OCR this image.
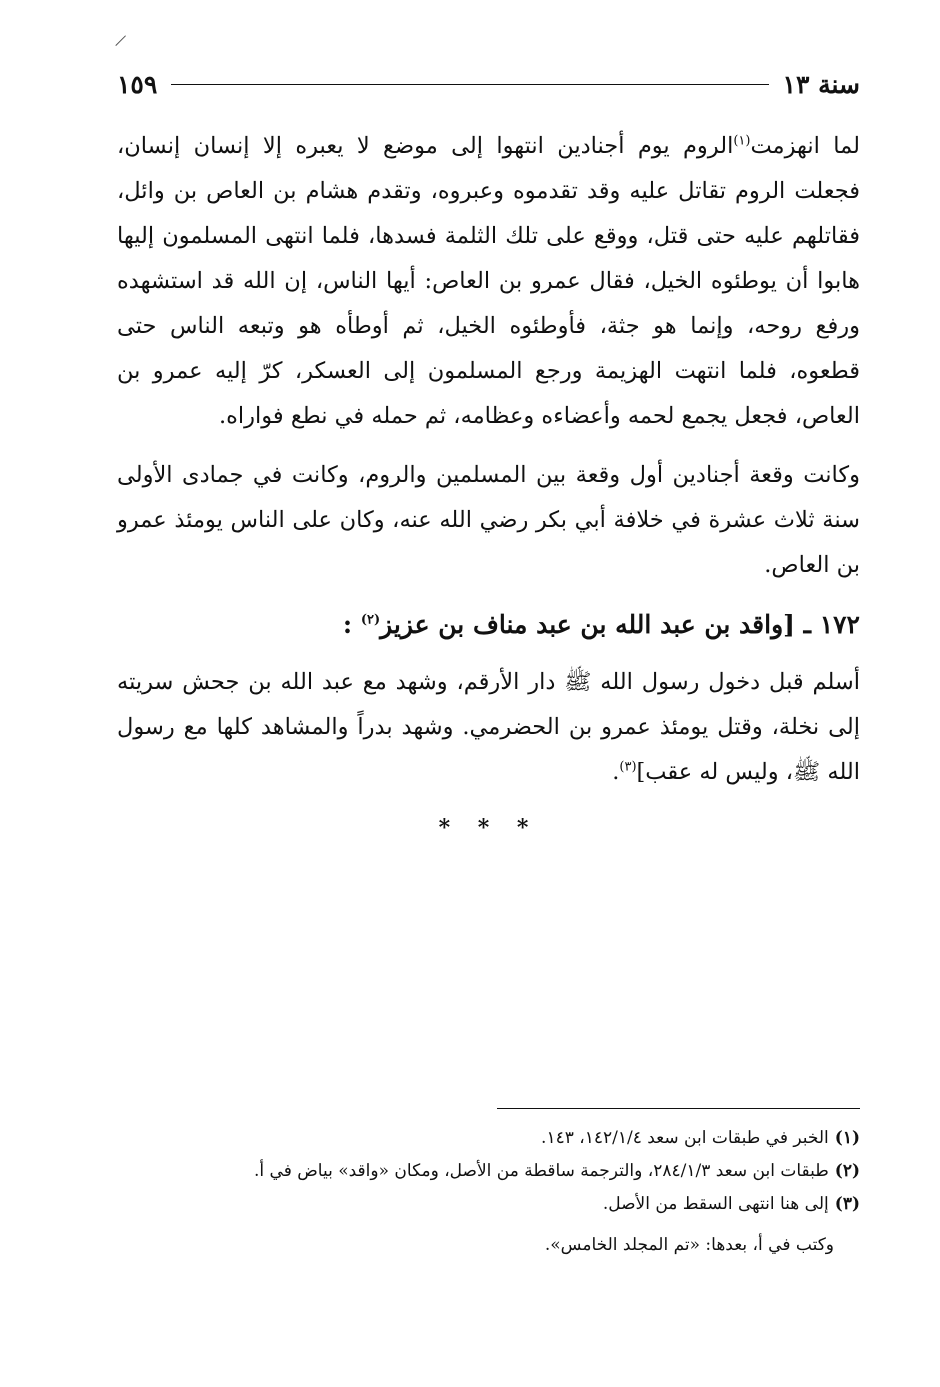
سنة ١٣
١٥٩

لما انهزمت$^{(١)}$الروم يوم أجنادين انتهوا إلى موضع لا يعبره إلا إنسان إنسان، فجعلت الروم تقاتل عليه وقد تقدموه وعبروه، وتقدم هشام بن العاص بن وائل، فقاتلهم عليه حتى قتل، ووقع على تلك الثلمة فسدها، فلما انتهى المسلمون إليها هابوا أن يوطئوه الخيل، فقال عمرو بن العاص: أيها الناس، إن الله قد استشهده ورفع روحه، وإنما هو جثة، فأوطئوه الخيل، ثم أوطأه هو وتبعه الناس حتى قطعوه، فلما انتهت الهزيمة ورجع المسلمون إلى العسكر، كرّ إليه عمرو بن العاص، فجعل يجمع لحمه وأعضاءه وعظامه، ثم حمله في نطع فواراه.

وكانت وقعة أجنادين أول وقعة بين المسلمين والروم، وكانت في جمادى الأولى سنة ثلاث عشرة في خلافة أبي بكر رضي الله عنه، وكان على الناس يومئذ عمرو بن العاص.

١٧٢ ـ [واقد بن عبد الله بن عبد مناف بن عزيز$^{(٢)}$ :

أسلم قبل دخول رسول الله ﷺ دار الأرقم، وشهد مع عبد الله بن جحش سريته إلى نخلة، وقتل يومئذ عمرو بن الحضرمي. وشهد بدراً والمشاهد كلها مع رسول الله ﷺ، وليس له عقب]$^{(٣)}$.

* * *

(١)الخبر في طبقات ابن سعد ١٤٢/١/٤، ١٤٣.

(٢)طبقات ابن سعد ٢٨٤/١/٣، والترجمة ساقطة من الأصل، ومكان «واقد» بياض في أ.

(٣)إلى هنا انتهى السقط من الأصل.

وكتب في أ، بعدها: «تم المجلد الخامس».
